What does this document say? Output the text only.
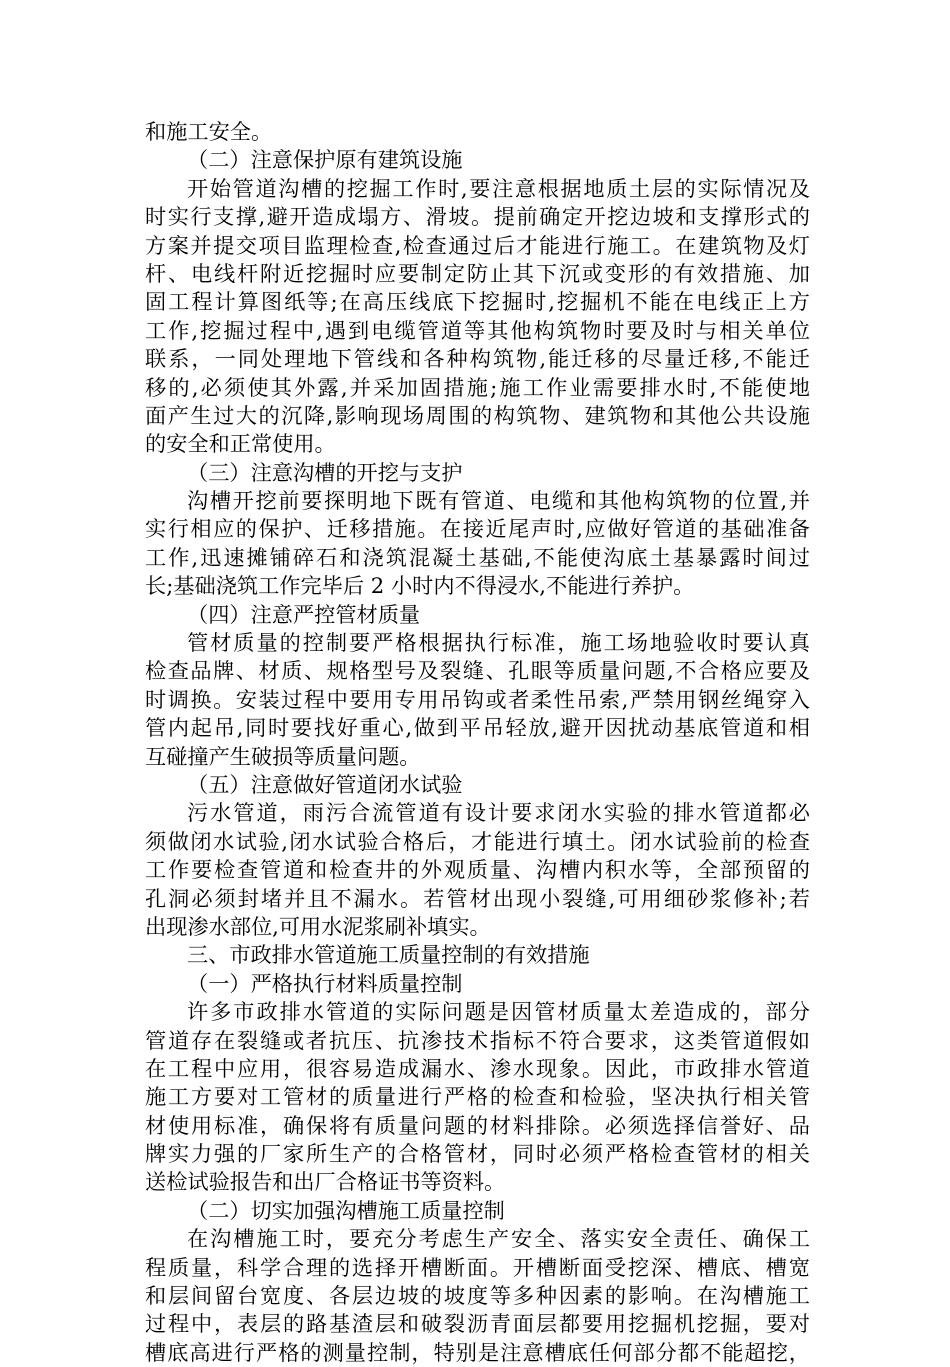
和施工安全。
（二）注意保护原有建筑设施
开始管道沟槽的挖掘工作时,要注意根据地质土层的实际情况及
时实行支撑,避开造成塌方、滑坡。提前确定开挖边坡和支撑形式的
方案并提交项目监理检查,检查通过后才能进行施工。在建筑物及灯
杆、电线杆附近挖掘时应要制定防止其下沉或变形的有效措施、加
固工程计算图纸等;在高压线底下挖掘时,挖掘机不能在电线正上方
工作,挖掘过程中,遇到电缆管道等其他构筑物时要及时与相关单位
联系，一同处理地下管线和各种构筑物,能迁移的尽量迁移,不能迁
移的,必须使其外露,并采加固措施;施工作业需要排水时,不能使地
面产生过大的沉降,影响现场周围的构筑物、建筑物和其他公共设施
的安全和正常使用。
（三）注意沟槽的开挖与支护
沟槽开挖前要探明地下既有管道、电缆和其他构筑物的位置,并
实行相应的保护、迁移措施。在接近尾声时,应做好管道的基础准备
工作,迅速摊铺碎石和浇筑混凝土基础,不能使沟底土基暴露时间过
长;基础浇筑工作完毕后 2 小时内不得浸水,不能进行养护。
（四）注意严控管材质量
管材质量的控制要严格根据执行标准，施工场地验收时要认真
检查品牌、材质、规格型号及裂缝、孔眼等质量问题,不合格应要及
时调换。安装过程中要用专用吊钩或者柔性吊索,严禁用钢丝绳穿入
管内起吊,同时要找好重心,做到平吊轻放,避开因扰动基底管道和相
互碰撞产生破损等质量问题。
（五）注意做好管道闭水试验
污水管道，雨污合流管道有设计要求闭水实验的排水管道都必
须做闭水试验,闭水试验合格后，才能进行填土。闭水试验前的检查
工作要检查管道和检查井的外观质量、沟槽内积水等，全部预留的
孔洞必须封堵并且不漏水。若管材出现小裂缝,可用细砂浆修补;若
出现渗水部位,可用水泥浆刷补填实。
三、市政排水管道施工质量控制的有效措施
（一）严格执行材料质量控制
许多市政排水管道的实际问题是因管材质量太差造成的，部分
管道存在裂缝或者抗压、抗渗技术指标不符合要求，这类管道假如
在工程中应用，很容易造成漏水、渗水现象。因此，市政排水管道
施工方要对工管材的质量进行严格的检查和检验，坚决执行相关管
材使用标准，确保将有质量问题的材料排除。必须选择信誉好、品
牌实力强的厂家所生产的合格管材，同时必须严格检查管材的相关
送检试验报告和出厂合格证书等资料。
（二）切实加强沟槽施工质量控制
在沟槽施工时，要充分考虑生产安全、落实安全责任、确保工
程质量，科学合理的选择开槽断面。开槽断面受挖深、槽底、槽宽
和层间留台宽度、各层边坡的坡度等多种因素的影响。在沟槽施工
过程中，表层的路基渣层和破裂沥青面层都要用挖掘机挖掘，要对
槽底高进行严格的测量控制，特别是注意槽底任何部分都不能超挖，
